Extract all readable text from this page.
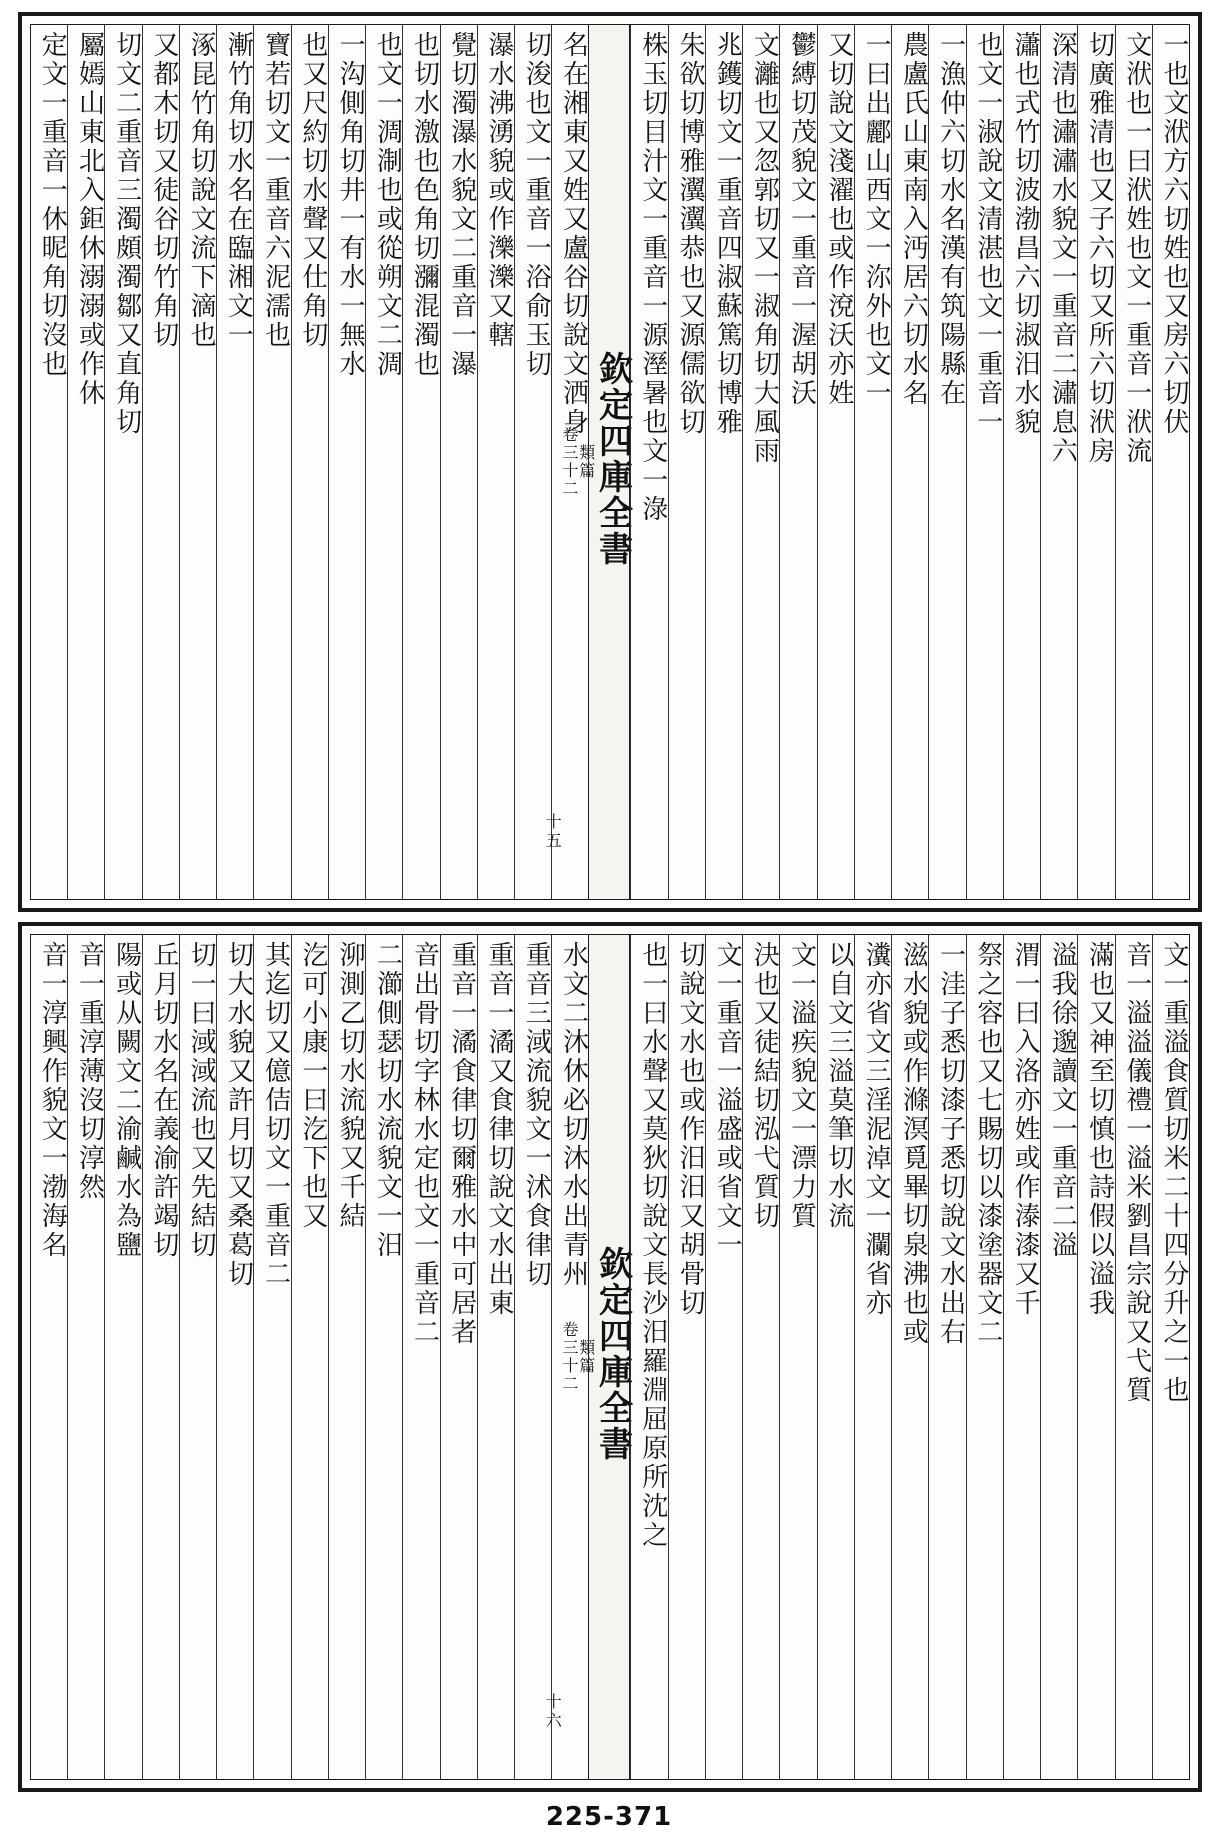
一也文洑方六切姓也又房六切伏
文洑也一曰洑姓也文一重音一洑流
切廣雅清也又子六切又所六切洑房
深清也潚潚水貌文一重音二潚息六
瀟也式竹切波渤昌六切淑汨水貌
也文一淑說文清湛也文一重音一
一漁仲六切水名漢有筑陽縣在
農盧氏山東南入沔居六切水名
一曰出酈山西文一沵外也文一
又切說文淺濯也或作渷沃亦姓
鬱縛切茂貌文一重音一渥胡沃
文灕也又忽郭切又一淑角切大風雨
兆鑊切文一重音四淑蘇篤切博雅
朱欲切博雅瀷瀷恭也又源儒欲切
株玉切目汁文一重音一源溼暑也文一淥
欽定四庫全書
類篇
卷三十二
十五
名在湘東又姓又盧谷切說文洒身
切浚也文一重音一浴俞玉切
瀑水沸湧貌或作濼濼又轄
覺切濁瀑水貌文二重音一瀑
也切水激也色角切瀰混濁也
也文一淍淛也或從朔文二淍
一沟側角切井一有水一無水
也又尺約切水聲又仕角切
寶若切文一重音六泥濡也
漸竹角切水名在臨湘文一
涿昆竹角切說文流下滴也
又都木切又徒谷切竹角切
切文二重音三濁頗濁鄒又直角切
屬嫣山東北入鉅休溺溺或作休
定文一重音一休昵角切沒也
文一重溢食質切米二十四分升之一也
音一溢溢儀禮一溢米劉昌宗說又弋質
滿也又神至切慎也詩假以溢我
溢我徐邈讀文一重音二溢
渭一曰入洛亦姓或作溙漆又千
祭之容也又七賜切以漆塗器文二
一洼子悉切漆子悉切說文水出右
滋水貌或作滌溟覓畢切泉沸也或
瀵亦省文三淫泥淖文一瀾省亦
以自文三溢莫筆切水流
文一溢疾貌文一漂力質
決也又徒結切泓弋質切
文一重音一溢盛或省文一
切說文水也或作汨汨又胡骨切
也一曰水聲又莫狄切說文長沙汨羅淵屈原所沈之
欽定四庫全書
類篇
卷三十二
十六
水文二沐休必切沐水出青州
重音三淢流貌文一沭食律切
重音一潏又食律切說文水出東
重音一潏食律切爾雅水中可居者
音出骨切字林水定也文一重音二
二瀄側瑟切水流貌文一汨
泖測乙切水流貌又千結
汔可小康一曰汔下也又
其迄切又億佶切文一重音二
切大水貌又許月切又桑葛切
切一曰淢淢流也又先結切
丘月切水名在義渝許竭切
陽或从闕文二渝鹹水為鹽
音一重淳薄沒切淳然
音一淳興作貌文一渤海名
225-371
